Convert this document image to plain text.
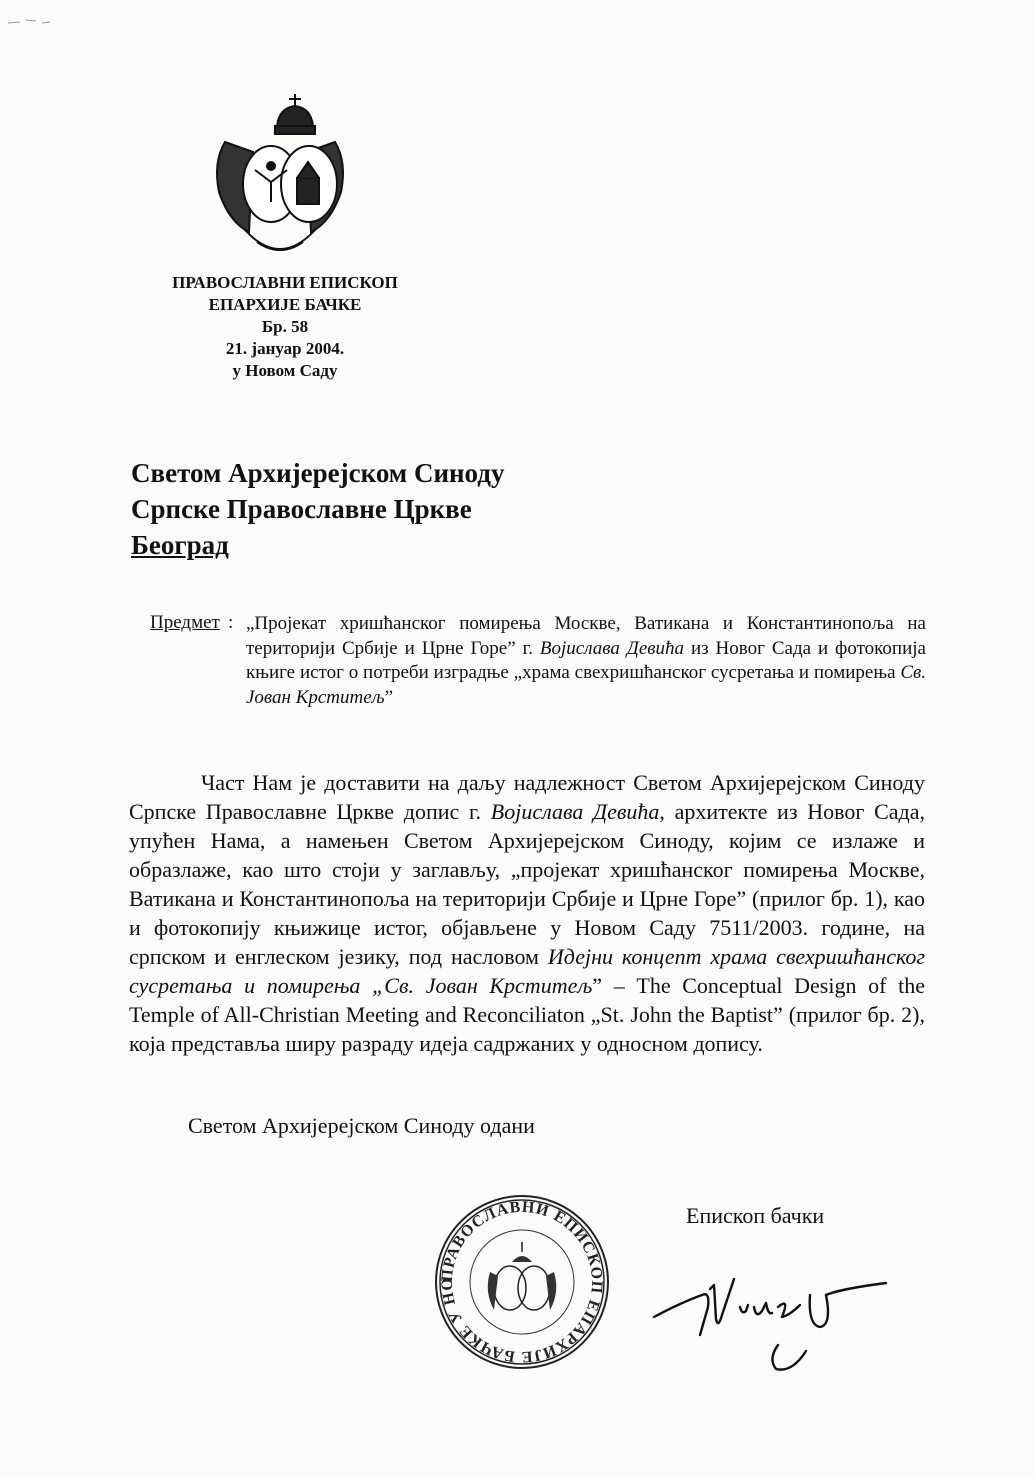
ПРАВОСЛАВНИ ЕПИСКОП
ЕПАРХИЈЕ БАЧКЕ
Бр. 58
21. јануар 2004.
у Новом Саду
Светом Архијерејском Синоду
Српске Православне Цркве
Београд
Предмет : „Пројекат хришћанског помирења Москве, Ватикана и Константинопоља на територији Србије и Црне Горе” г. Војислава Девића из Новог Сада и фотокопија књиге истог о потреби изградње „храма свехришћанског сусретања и помирења Св. Јован Крститељ”
Част Нам је доставити на даљу надлежност Светом Архијерејском Синоду Српске Православне Цркве допис г. Војислава Девића, архитекте из Новог Сада, упућен Нама, а намењен Светом Архијерејском Синоду, којим се излаже и образлаже, као што стоји у заглављу, „пројекат хришћанског помирења Москве, Ватикана и Константинопоља на територији Србије и Црне Горе” (прилог бр. 1), као и фотокопију књижице истог, објављене у Новом Саду 7511/2003. године, на српском и енглеском језику, под насловом Идејни концепт храма свехришћанског сусретања и помирења „Св. Јован Крститељ” – The Conceptual Design of the Temple of All-Christian Meeting and Reconciliaton „St. John the Baptist” (прилог бр. 2), која представља ширу разраду идеја садржаних у односном допису.
Светом Архијерејском Синоду одани
ПРАВОСЛАВНИ ЕПИСКОП ЕПАРХИЈЕ БАЧКЕ У НО
Епископ бачки
